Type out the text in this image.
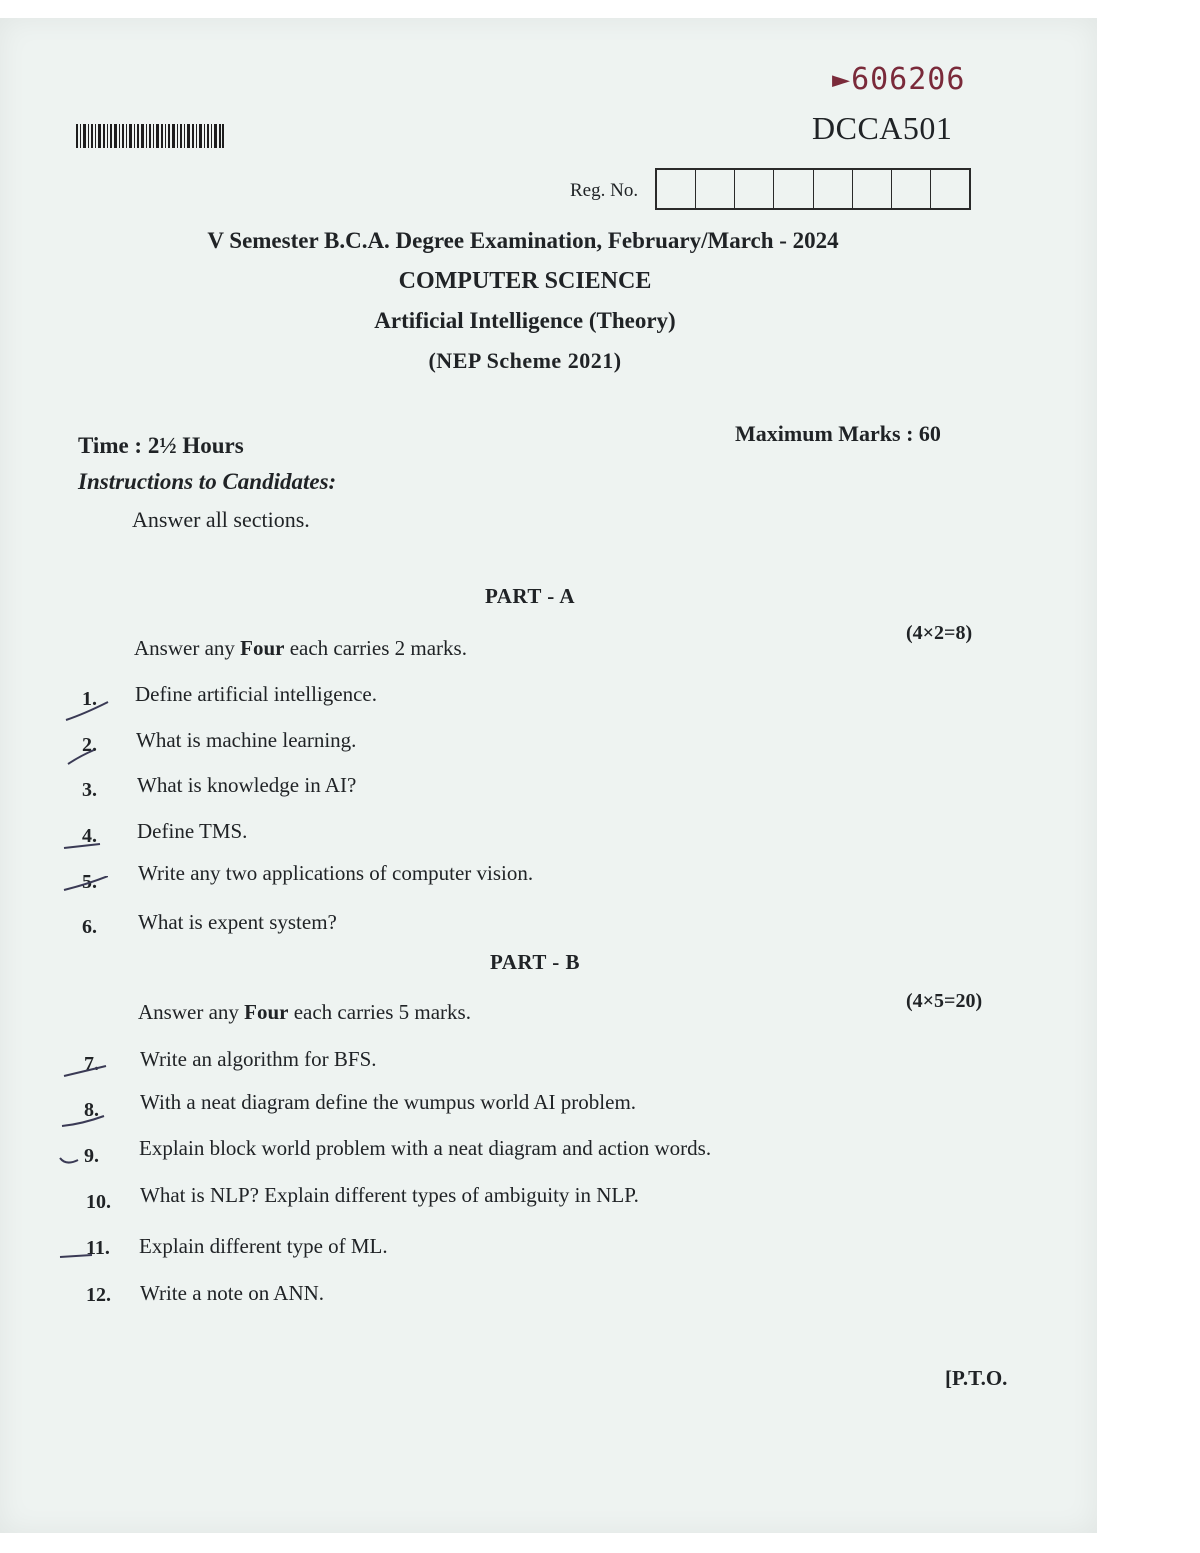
►606206
DCCA501
Reg. No.
V Semester B.C.A. Degree Examination, February/March - 2024
COMPUTER SCIENCE
Artificial Intelligence (Theory)
(NEP Scheme 2021)
Time : 2½ Hours	Maximum Marks : 60
Instructions to Candidates:
Answer all sections.
PART - A
Answer any Four each carries 2 marks.
(4×2=8)
1.	Define artificial intelligence.
2.	What is machine learning.
3.	What is knowledge in AI?
4.	Define TMS.
5.	Write any two applications of computer vision.
6.	What is expent system?
PART - B
Answer any Four each carries 5 marks.	(4×5=20)
7.	Write an algorithm for BFS.
8.	With a neat diagram define the wumpus world AI problem.
9.	Explain block world problem with a neat diagram and action words.
10.	What is NLP? Explain different types of ambiguity in NLP.
11.	Explain different type of ML.
12.	Write a note on ANN.
[P.T.O.
